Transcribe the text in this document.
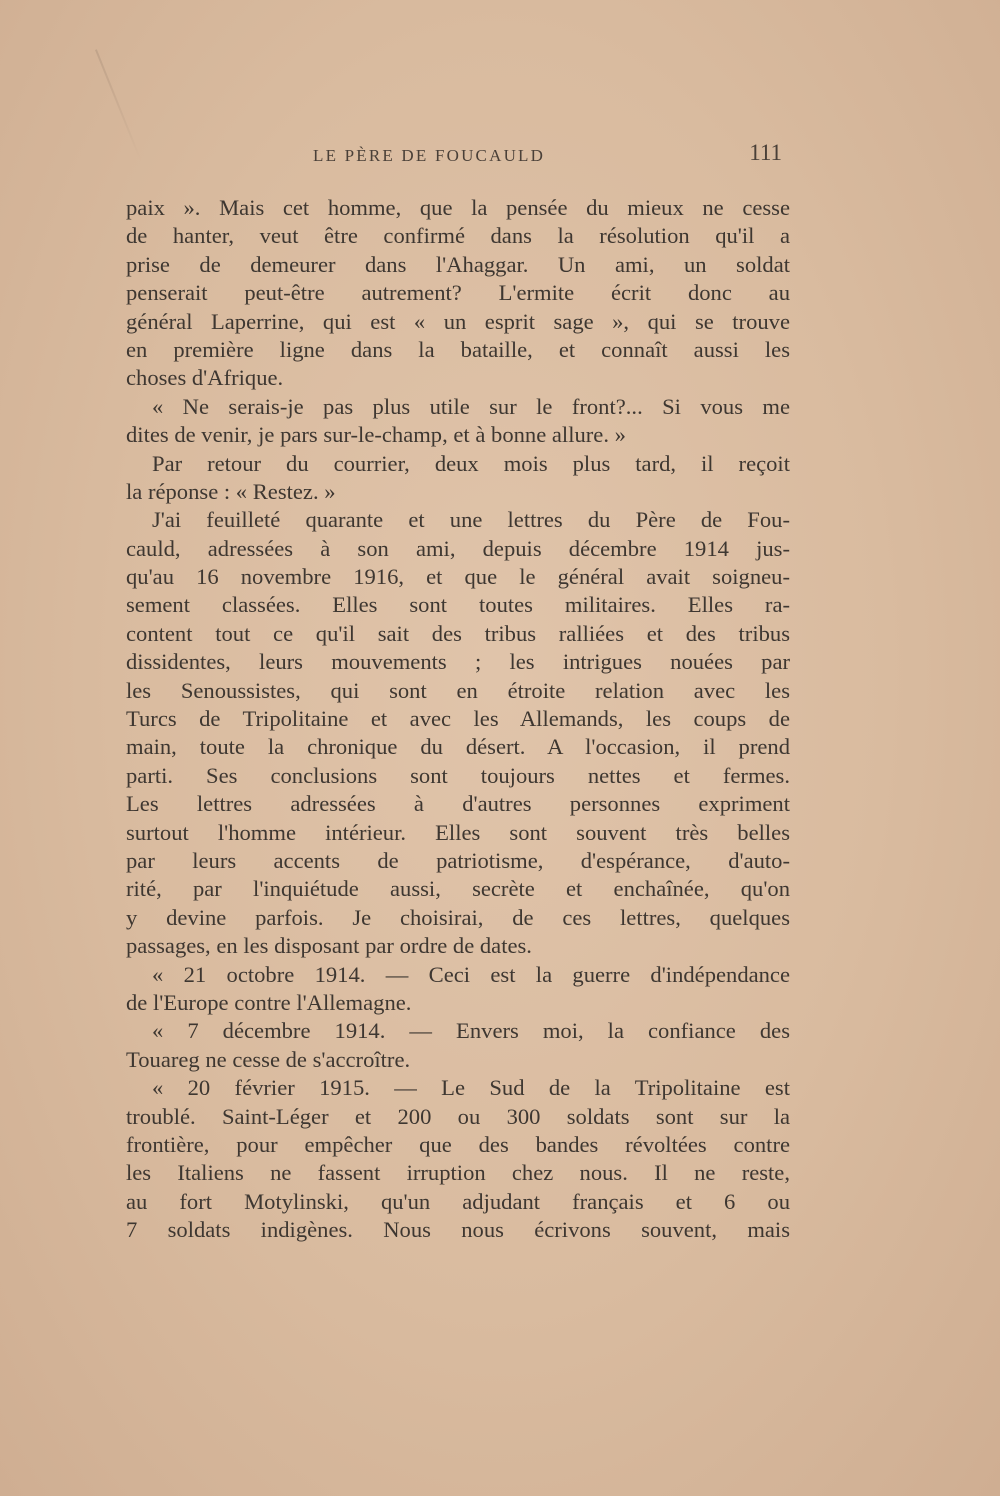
LE PÈRE DE FOUCAULD	111
paix ». Mais cet homme, que la pensée du mieux ne cesse
de hanter, veut être confirmé dans la résolution qu'il a
prise de demeurer dans l'Ahaggar. Un ami, un soldat
penserait peut-être autrement? L'ermite écrit donc au
général Laperrine, qui est « un esprit sage », qui se trouve
en première ligne dans la bataille, et connaît aussi les
choses d'Afrique.
« Ne serais-je pas plus utile sur le front?... Si vous me
dites de venir, je pars sur-le-champ, et à bonne allure. »
Par retour du courrier, deux mois plus tard, il reçoit
la réponse : « Restez. »
J'ai feuilleté quarante et une lettres du Père de Fou-
cauld, adressées à son ami, depuis décembre 1914 jus-
qu'au 16 novembre 1916, et que le général avait soigneu-
sement classées. Elles sont toutes militaires. Elles ra-
content tout ce qu'il sait des tribus ralliées et des tribus
dissidentes, leurs mouvements ; les intrigues nouées par
les Senoussistes, qui sont en étroite relation avec les
Turcs de Tripolitaine et avec les Allemands, les coups de
main, toute la chronique du désert. A l'occasion, il prend
parti. Ses conclusions sont toujours nettes et fermes.
Les lettres adressées à d'autres personnes expriment
surtout l'homme intérieur. Elles sont souvent très belles
par leurs accents de patriotisme, d'espérance, d'auto-
rité, par l'inquiétude aussi, secrète et enchaînée, qu'on
y devine parfois. Je choisirai, de ces lettres, quelques
passages, en les disposant par ordre de dates.
« 21 octobre 1914. — Ceci est la guerre d'indépendance
de l'Europe contre l'Allemagne.
« 7 décembre 1914. — Envers moi, la confiance des
Touareg ne cesse de s'accroître.
« 20 février 1915. — Le Sud de la Tripolitaine est
troublé. Saint-Léger et 200 ou 300 soldats sont sur la
frontière, pour empêcher que des bandes révoltées contre
les Italiens ne fassent irruption chez nous. Il ne reste,
au fort Motylinski, qu'un adjudant français et 6 ou
7 soldats indigènes. Nous nous écrivons souvent, mais
